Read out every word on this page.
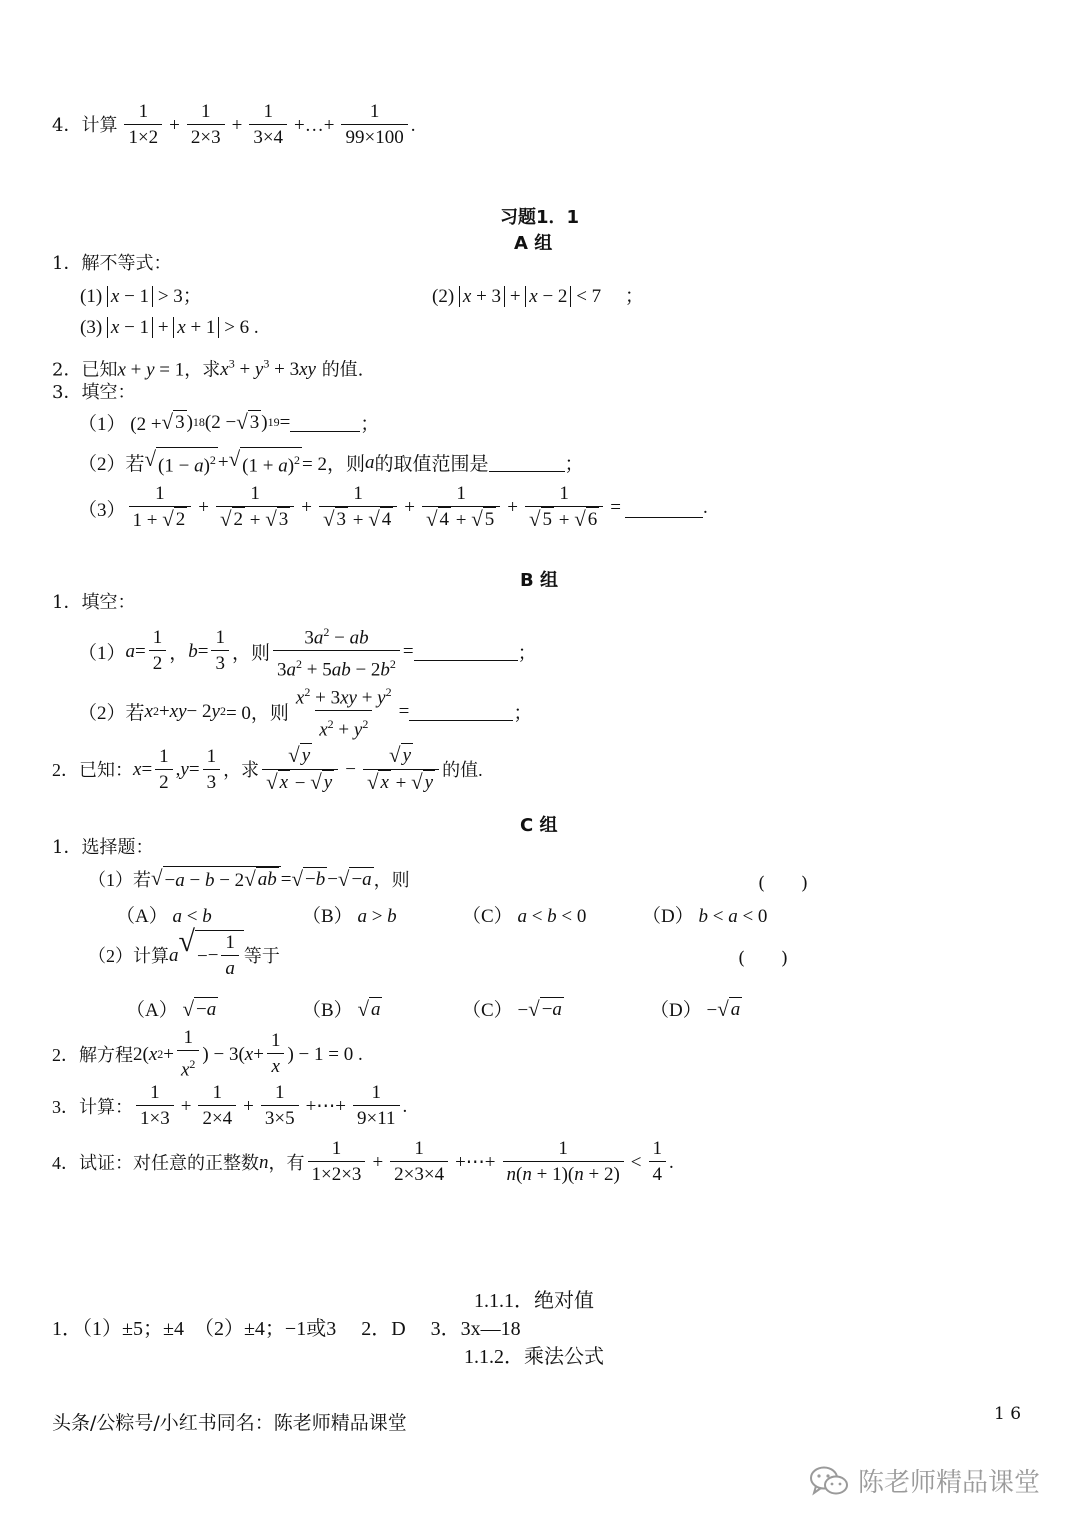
4． 计算 $\frac{1}{1\times 2} + \frac{1}{2\times 3} + \frac{1}{3\times 4}$ +…+ $\frac{1}{99\times 100}$ .
习题1．1
A 组
1．解不等式：
(1) x − 1 > 3；	(2) x + 3 + x − 2 < 7 　；
(3) x − 1 + x + 1 > 6 .
2．已知x + y = 1，求$x^3 + y^3 + 3xy$ 的值.
3．填空：
（1） (2 + √ 3 ) 18 (2 − √ 3 ) 19 =	；
（2）若 √ $(1 - a)^2$ + √ $(1 + a)^2 = 2$，则 a 的取值范围是	；
$(3) \frac{1}{1 + √ 2} + \frac{1}{√ 2 + √ 3} + \frac{1}{√ 3 + √ 4} + \frac{1}{√ 4 + √ 5} + \frac{1}{√ 5 + √ 6}$ =	.
B 组
1．填空：
（1） $a = \frac{1}{2}$ ， $b = \frac{1}{3}$ ，则 $\frac{3a^2 - ab}{3a^2 + 5ab - 2b^2}$ =	；
（2）若 x 2 + xy − 2 y 2 = 0，则 $\frac{x^2 + 3xy + y^2}{x^2 + y^2}$ =	；
2． 已知： $x = \frac{1}{2}$ , $y = \frac{1}{3}$ ，求 $\frac{√ y}{√ x - √ y} - \frac{√ y}{√ x + √ y}$ 的值.
C 组
1．选择题：
（1）若 √ −a − b − 2 √ ab = √ −b − √ −a ，则	(　　)
（A） a < b	（B） a > b	（C） a < b < 0	（D） b < a < 0
（2）计算 a √ −− $\frac{1}{a}$ 等于	(　　)
（A） √ −a	（B） √ a	（C） − √ −a	（D） − √ a
2． 解方程 2( x $2 + \frac{1}{x^2}$ ) − 3( $x + \frac{1}{x}$ ) − 1 = 0 .
3． 计算： $\frac{1}{1\times 3} + \frac{1}{2\times 4} + \frac{1}{3\times 5}$ +⋯+ $\frac{1}{9\times 11}$ .
4． 试证：对任意的正整数 n ，有 $\frac{1}{1\times 2\times 3} + \frac{1}{2\times 3\times 4}$ +⋯+ $\frac{1}{n(n + 1)(n + 2)} < \frac{1}{4}$ .
1.1.1．绝对值
1．（1）±5；±4　（2）±4；−1或3　 2．D　 3．3x—18
1.1.2．乘法公式
头条/公粽号/小红书同名：陈老师精品课堂	1 6
陈老师精品课堂
